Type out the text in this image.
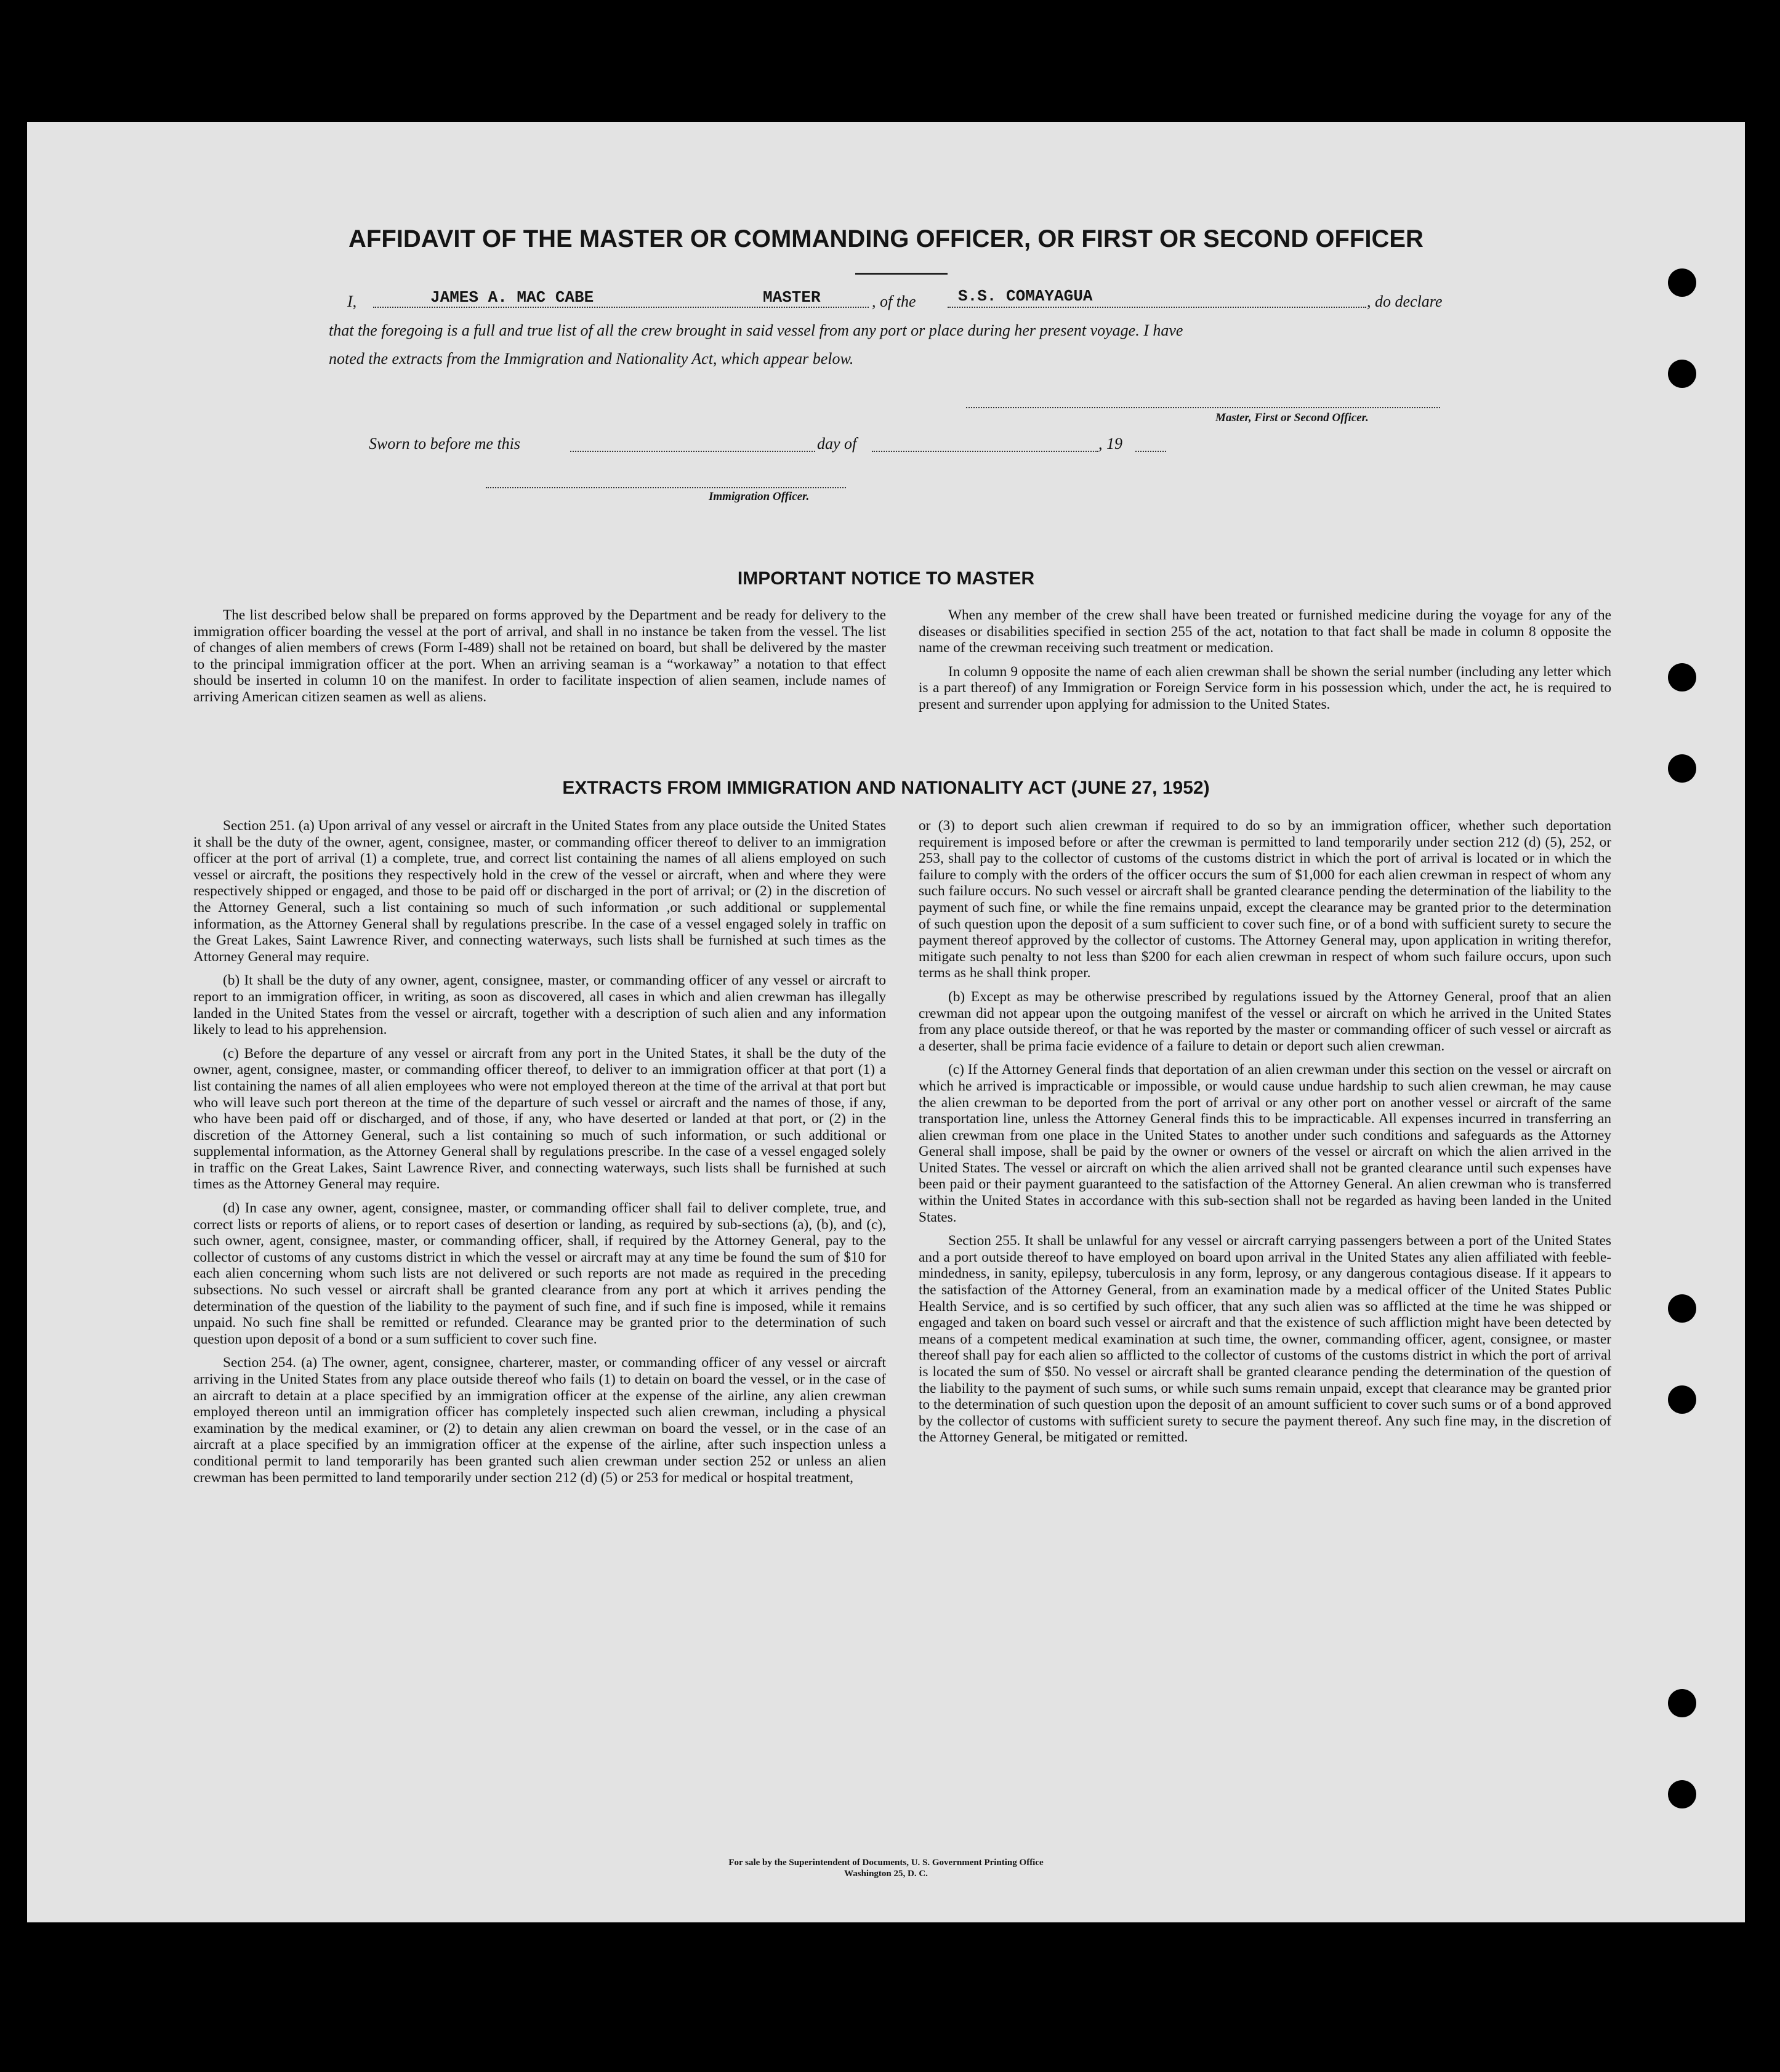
AFFIDAVIT OF THE MASTER OR COMMANDING OFFICER, OR FIRST OR SECOND OFFICER
I,	JAMES A. MAC CABE	MASTER	, of the	S.S. COMAYAGUA	, do declare
that the foregoing is a full and true list of all the crew brought in said vessel from any port or place during her present voyage. I have
noted the extracts from the Immigration and Nationality Act, which appear below.
Master, First or Second Officer.
Sworn to before me this	day of	, 19
Immigration Officer.
IMPORTANT NOTICE TO MASTER

The list described below shall be prepared on forms approved by the Department and be ready for delivery to the immigration officer boarding the vessel at the port of arrival, and shall in no instance be taken from the vessel. The list of changes of alien members of crews (Form I-489) shall not be retained on board, but shall be delivered by the master to the principal immigration officer at the port. When an arriving seaman is a “workaway” a notation to that effect should be inserted in column 10 on the manifest. In order to facilitate inspection of alien seamen, include names of arriving American citizen seamen as well as aliens.

When any member of the crew shall have been treated or furnished medicine during the voyage for any of the diseases or disabilities specified in section 255 of the act, notation to that fact shall be made in column 8 opposite the name of the crewman receiving such treatment or medication.

In column 9 opposite the name of each alien crewman shall be shown the serial number (including any letter which is a part thereof) of any Immigration or Foreign Service form in his possession which, under the act, he is required to present and surrender upon applying for admission to the United States.

EXTRACTS FROM IMMIGRATION AND NATIONALITY ACT (JUNE 27, 1952)

Section 251. (a) Upon arrival of any vessel or aircraft in the United States from any place outside the United States it shall be the duty of the owner, agent, consignee, master, or commanding officer thereof to deliver to an immigration officer at the port of arrival (1) a complete, true, and correct list containing the names of all aliens employed on such vessel or aircraft, the positions they respectively hold in the crew of the vessel or aircraft, when and where they were respectively shipped or engaged, and those to be paid off or discharged in the port of arrival; or (2) in the discretion of the Attorney General, such a list containing so much of such information ,or such additional or supplemental information, as the Attorney General shall by regulations prescribe. In the case of a vessel engaged solely in traffic on the Great Lakes, Saint Lawrence River, and connecting waterways, such lists shall be furnished at such times as the Attorney General may require.

(b) It shall be the duty of any owner, agent, consignee, master, or commanding officer of any vessel or aircraft to report to an immigration officer, in writing, as soon as discovered, all cases in which and alien crewman has illegally landed in the United States from the vessel or aircraft, together with a description of such alien and any information likely to lead to his apprehension.

(c) Before the departure of any vessel or aircraft from any port in the United States, it shall be the duty of the owner, agent, consignee, master, or commanding officer thereof, to deliver to an immigration officer at that port (1) a list containing the names of all alien employees who were not employed thereon at the time of the arrival at that port but who will leave such port thereon at the time of the departure of such vessel or aircraft and the names of those, if any, who have been paid off or discharged, and of those, if any, who have deserted or landed at that port, or (2) in the discretion of the Attorney General, such a list containing so much of such information, or such additional or supplemental information, as the Attorney General shall by regulations prescribe. In the case of a vessel engaged solely in traffic on the Great Lakes, Saint Lawrence River, and connecting waterways, such lists shall be furnished at such times as the Attorney General may require.

(d) In case any owner, agent, consignee, master, or commanding officer shall fail to deliver complete, true, and correct lists or reports of aliens, or to report cases of desertion or landing, as required by sub-sections (a), (b), and (c), such owner, agent, consignee, master, or commanding officer, shall, if required by the Attorney General, pay to the collector of customs of any customs district in which the vessel or aircraft may at any time be found the sum of $10 for each alien concerning whom such lists are not delivered or such reports are not made as required in the preceding subsections. No such vessel or aircraft shall be granted clearance from any port at which it arrives pending the determination of the question of the liability to the payment of such fine, and if such fine is imposed, while it remains unpaid. No such fine shall be remitted or refunded. Clearance may be granted prior to the determination of such question upon deposit of a bond or a sum sufficient to cover such fine.

Section 254. (a) The owner, agent, consignee, charterer, master, or commanding officer of any vessel or aircraft arriving in the United States from any place outside thereof who fails (1) to detain on board the vessel, or in the case of an aircraft to detain at a place specified by an immigration officer at the expense of the airline, any alien crewman employed thereon until an immigration officer has completely inspected such alien crewman, including a physical examination by the medical examiner, or (2) to detain any alien crewman on board the vessel, or in the case of an aircraft at a place specified by an immigration officer at the expense of the airline, after such inspection unless a conditional permit to land temporarily has been granted such alien crewman under section 252 or unless an alien crewman has been permitted to land temporarily under section 212 (d) (5) or 253 for medical or hospital treatment,

or (3) to deport such alien crewman if required to do so by an immigration officer, whether such deportation requirement is imposed before or after the crewman is permitted to land temporarily under section 212 (d) (5), 252, or 253, shall pay to the collector of customs of the customs district in which the port of arrival is located or in which the failure to comply with the orders of the officer occurs the sum of $1,000 for each alien crewman in respect of whom any such failure occurs. No such vessel or aircraft shall be granted clearance pending the determination of the liability to the payment of such fine, or while the fine remains unpaid, except the clearance may be granted prior to the determination of such question upon the deposit of a sum sufficient to cover such fine, or of a bond with sufficient surety to secure the payment thereof approved by the collector of customs. The Attorney General may, upon application in writing therefor, mitigate such penalty to not less than $200 for each alien crewman in respect of whom such failure occurs, upon such terms as he shall think proper.

(b) Except as may be otherwise prescribed by regulations issued by the Attorney General, proof that an alien crewman did not appear upon the outgoing manifest of the vessel or aircraft on which he arrived in the United States from any place outside thereof, or that he was reported by the master or commanding officer of such vessel or aircraft as a deserter, shall be prima facie evidence of a failure to detain or deport such alien crewman.

(c) If the Attorney General finds that deportation of an alien crewman under this section on the vessel or aircraft on which he arrived is impracticable or impossible, or would cause undue hardship to such alien crewman, he may cause the alien crewman to be deported from the port of arrival or any other port on another vessel or aircraft of the same transportation line, unless the Attorney General finds this to be impracticable. All expenses incurred in transferring an alien crewman from one place in the United States to another under such conditions and safeguards as the Attorney General shall impose, shall be paid by the owner or owners of the vessel or aircraft on which the alien arrived in the United States. The vessel or aircraft on which the alien arrived shall not be granted clearance until such expenses have been paid or their payment guaranteed to the satisfaction of the Attorney General. An alien crewman who is transferred within the United States in accordance with this sub-section shall not be regarded as having been landed in the United States.

Section 255. It shall be unlawful for any vessel or aircraft carrying passengers between a port of the United States and a port outside thereof to have employed on board upon arrival in the United States any alien affiliated with feeble-mindedness, in sanity, epilepsy, tuberculosis in any form, leprosy, or any dangerous contagious disease. If it appears to the satisfaction of the Attorney General, from an examination made by a medical officer of the United States Public Health Service, and is so certified by such officer, that any such alien was so afflicted at the time he was shipped or engaged and taken on board such vessel or aircraft and that the existence of such affliction might have been detected by means of a competent medical examination at such time, the owner, commanding officer, agent, consignee, or master thereof shall pay for each alien so afflicted to the collector of customs of the customs district in which the port of arrival is located the sum of $50. No vessel or aircraft shall be granted clearance pending the determination of the question of the liability to the payment of such sums, or while such sums remain unpaid, except that clearance may be granted prior to the determination of such question upon the deposit of an amount sufficient to cover such sums or of a bond approved by the collector of customs with sufficient surety to secure the payment thereof. Any such fine may, in the discretion of the Attorney General, be mitigated or remitted.

For sale by the Superintendent of Documents, U. S. Government Printing Office
Washington 25, D. C.
